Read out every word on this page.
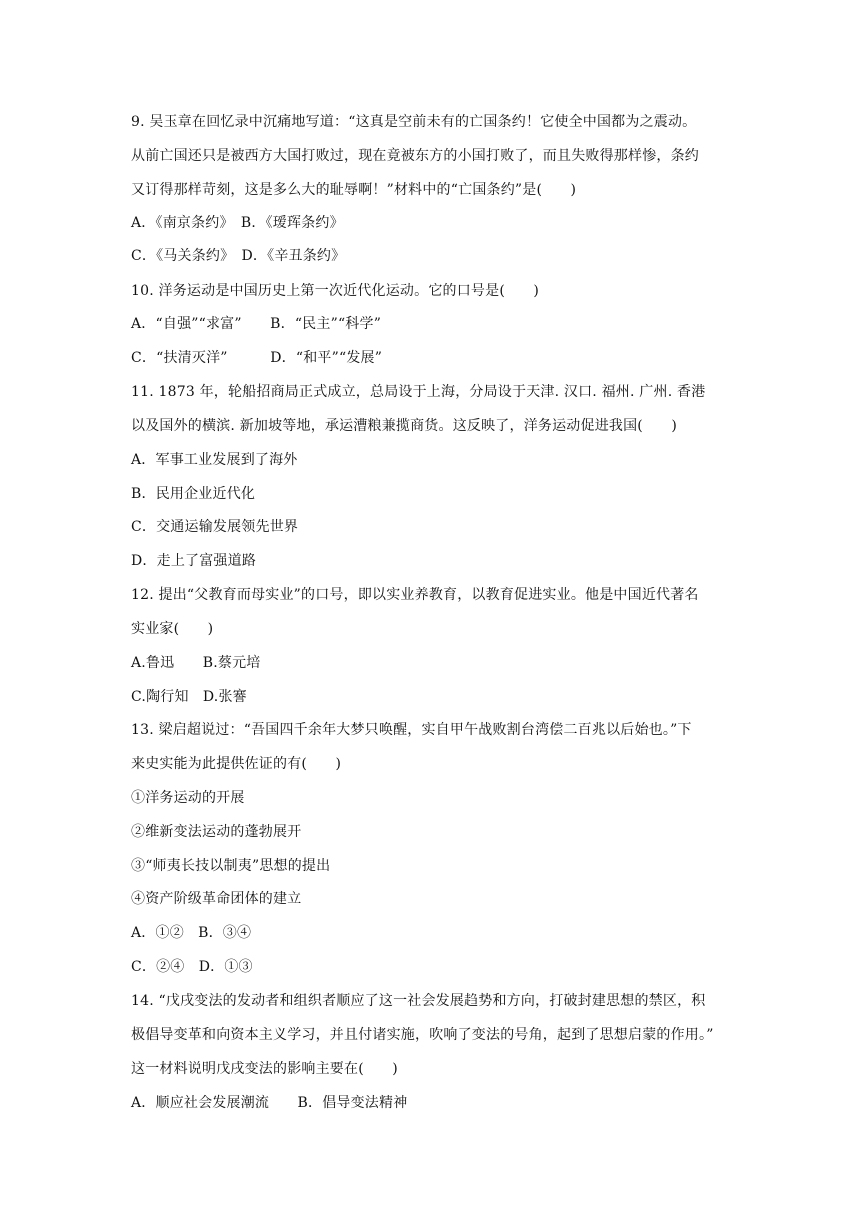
9. 吴玉章在回忆录中沉痛地写道：“这真是空前未有的亡国条约！它使全中国都为之震动。
从前亡国还只是被西方大国打败过，现在竟被东方的小国打败了，而且失败得那样惨，条约
又订得那样苛刻，这是多么大的耻辱啊！”材料中的“亡国条约”是(　　)
A．《南京条约》　B．《瑷珲条约》
C．《马关条约》　D．《辛丑条约》
10. 洋务运动是中国历史上第一次近代化运动。它的口号是(　　)
A．“自强”“求富”　　B．“民主”“科学”
C．“扶清灭洋”　　　D．“和平”“发展”
11. 1873 年，轮船招商局正式成立，总局设于上海，分局设于天津. 汉口. 福州. 广州. 香港
以及国外的横滨. 新加坡等地，承运漕粮兼揽商货。这反映了，洋务运动促进我国(　　)
A．军事工业发展到了海外
B．民用企业近代化
C．交通运输发展领先世界
D．走上了富强道路
12. 提出“父教育而母实业”的口号，即以实业养教育，以教育促进实业。他是中国近代著名
实业家(　　)
A.鲁迅　　B.蔡元培
C.陶行知　D.张謇
13. 梁启超说过：“吾国四千余年大梦只唤醒，实自甲午战败割台湾偿二百兆以后始也。”下
来史实能为此提供佐证的有(　　)
①洋务运动的开展
②维新变法运动的蓬勃展开
③“师夷长技以制夷”思想的提出
④资产阶级革命团体的建立
A．①②　B．③④
C．②④　D．①③
14. “戊戌变法的发动者和组织者顺应了这一社会发展趋势和方向，打破封建思想的禁区，积
极倡导变革和向资本主义学习，并且付诸实施，吹响了变法的号角，起到了思想启蒙的作用。”
这一材料说明戊戌变法的影响主要在(　　)
A．顺应社会发展潮流　　B．倡导变法精神
